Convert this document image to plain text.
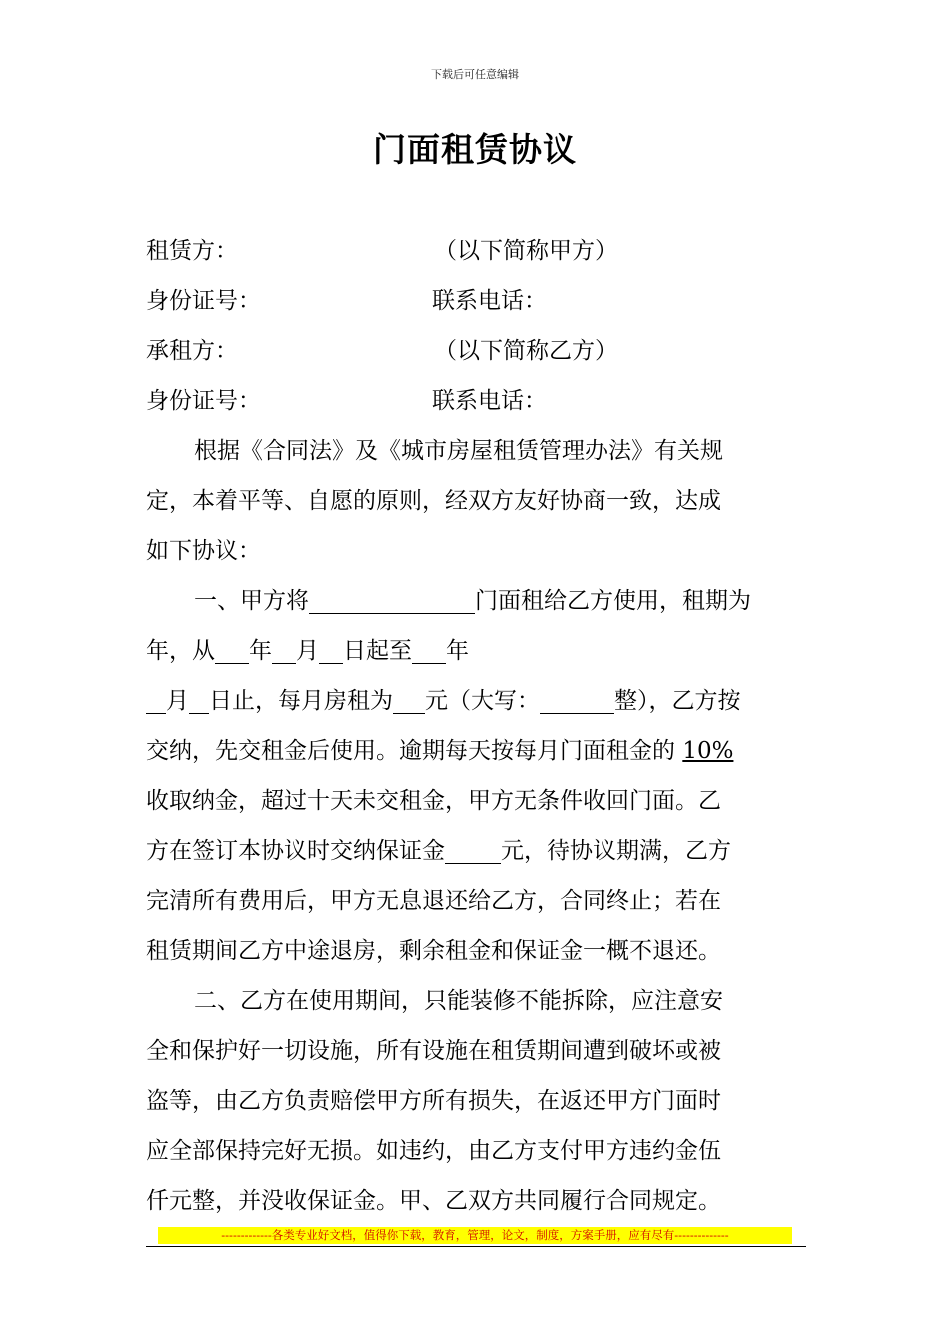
下载后可任意编辑
门面租赁协议
租赁方：	（以下简称甲方）
身份证号：	联系电话：
承租方：	（以下简称乙方）
身份证号：	联系电话：
根据《合同法》及《城市房屋租赁管理办法》有关规
定，本着平等、自愿的原则，经双方友好协商一致，达成
如下协议：
一、甲方将	门面租给乙方使用，租期为
年，从 年 月 日起至 年
月 日止，每月房租为 元（大写：	整），乙方按
交纳，先交租金后使用。逾期每天按每月门面租金的 10%
收取纳金，超过十天未交租金，甲方无条件收回门面。乙
方在签订本协议时交纳保证金 元，待协议期满，乙方
完清所有费用后，甲方无息退还给乙方，合同终止；若在
租赁期间乙方中途退房，剩余租金和保证金一概不退还。
二、乙方在使用期间，只能装修不能拆除，应注意安
全和保护好一切设施，所有设施在租赁期间遭到破坏或被
盗等，由乙方负责赔偿甲方所有损失，在返还甲方门面时
应全部保持完好无损。如违约，由乙方支付甲方违约金伍
仟元整，并没收保证金。甲、乙双方共同履行合同规定。
-------------各类专业好文档，值得你下载，教育，管理，论文，制度，方案手册，应有尽有--------------
